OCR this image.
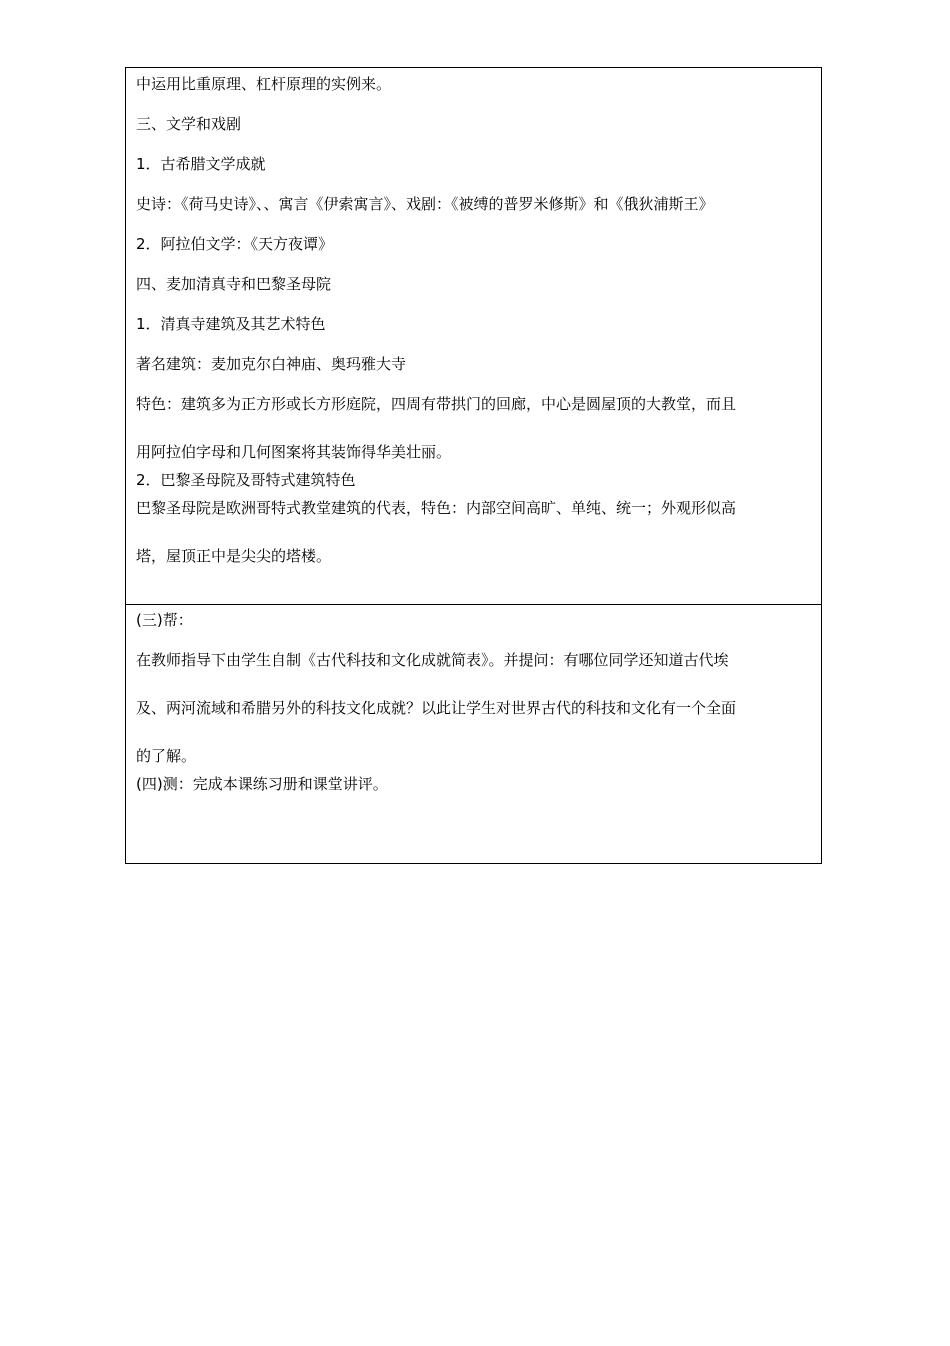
中运用比重原理、杠杆原理的实例来。
三、文学和戏剧
1．古希腊文学成就
史诗：《荷马史诗》、、寓言《伊索寓言》、戏剧：《被缚的普罗米修斯》和《俄狄浦斯王》
2．阿拉伯文学：《天方夜谭》
四、麦加清真寺和巴黎圣母院
1．清真寺建筑及其艺术特色
著名建筑：麦加克尔白神庙、奥玛雅大寺
特色：建筑多为正方形或长方形庭院，四周有带拱门的回廊，中心是圆屋顶的大教堂，而且
用阿拉伯字母和几何图案将其装饰得华美壮丽。
2．巴黎圣母院及哥特式建筑特色
巴黎圣母院是欧洲哥特式教堂建筑的代表，特色：内部空间高旷、单纯、统一；外观形似高
塔，屋顶正中是尖尖的塔楼。
(三)帮：
在教师指导下由学生自制《古代科技和文化成就简表》。并提问：有哪位同学还知道古代埃
及、两河流域和希腊另外的科技文化成就？以此让学生对世界古代的科技和文化有一个全面
的了解。
(四)测：完成本课练习册和课堂讲评。
